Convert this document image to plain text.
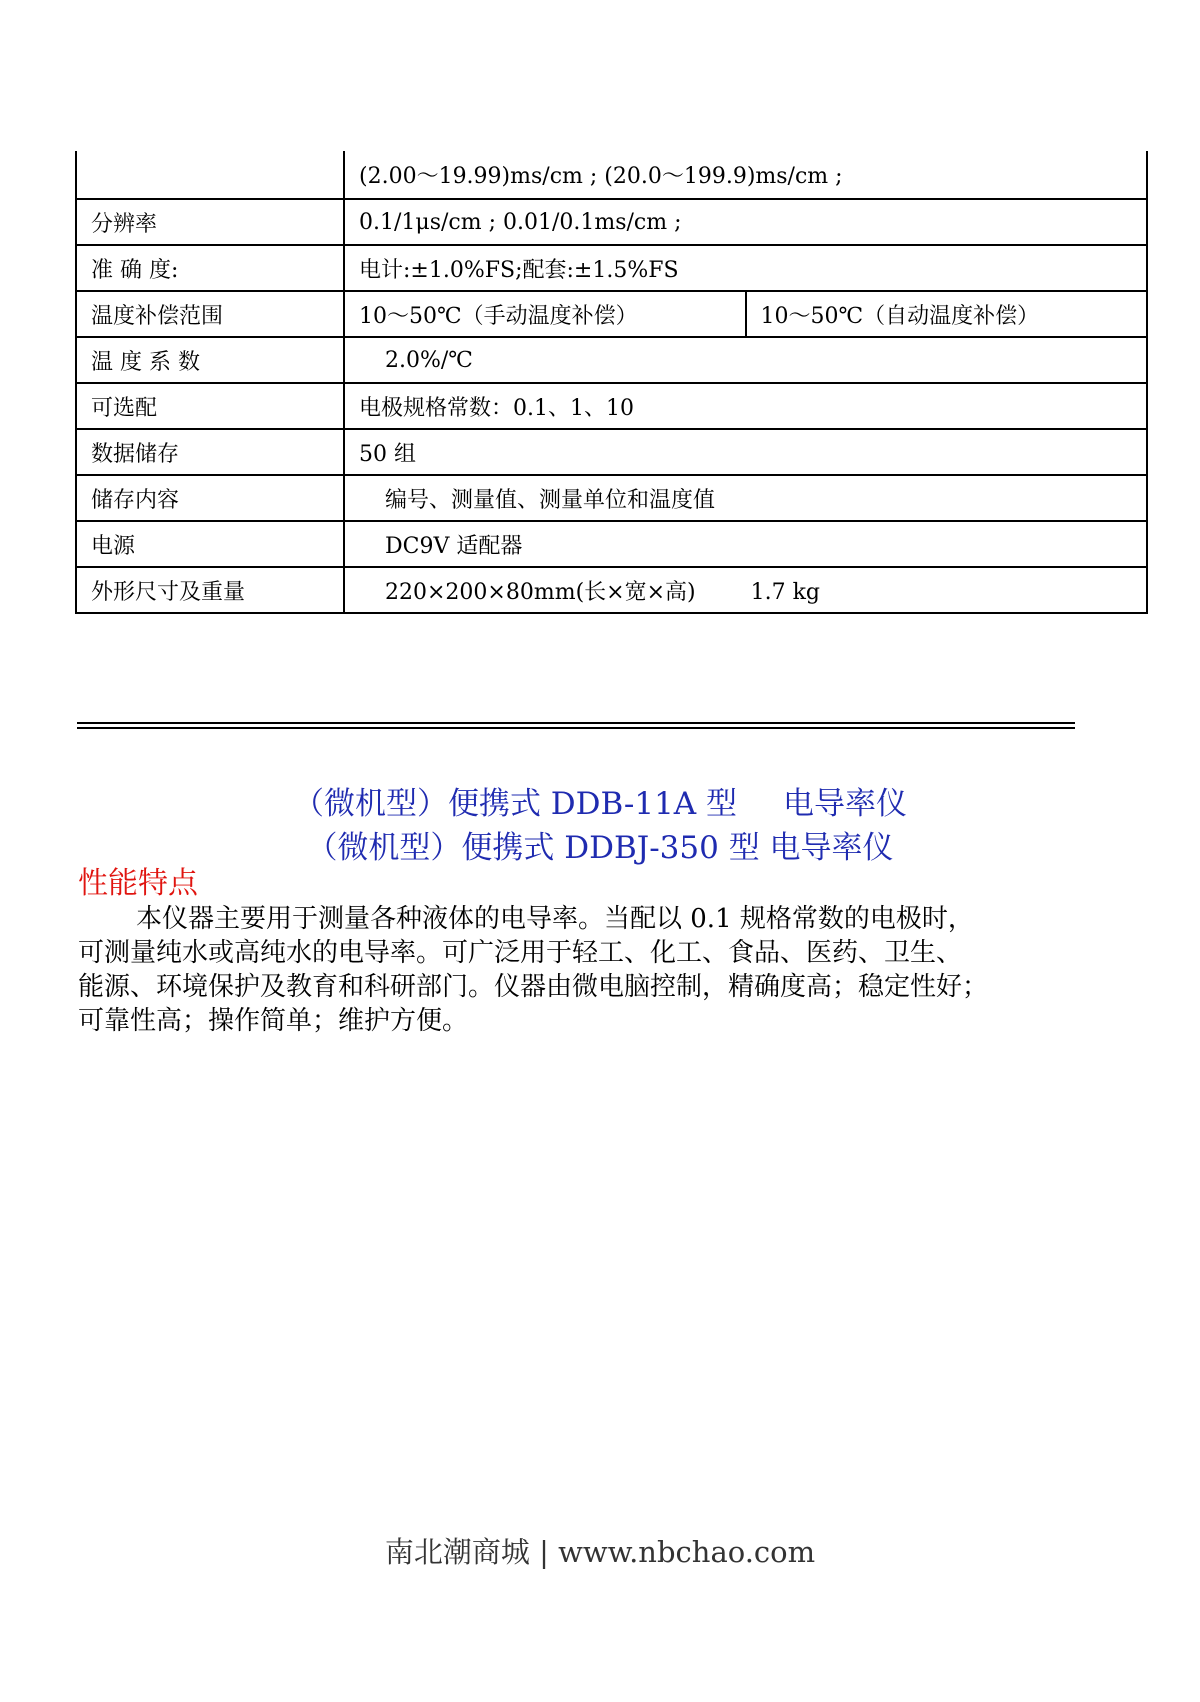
	(2.00～19.99)ms/cm ; (20.0～199.9)ms/cm ;	
分辨率	0.1/1μs/cm ; 0.01/0.1ms/cm ;	
准 确 度:	电计:±1.0%FS;配套:±1.5%FS	
温度补偿范围	10～50℃（手动温度补偿）	10～50℃（自动温度补偿）
温 度 系 数	2.0%/℃	
可选配	电极规格常数：0.1、1、10	
数据储存	50 组	
储存内容	编号、测量值、测量单位和温度值	
电源	DC9V 适配器	
外形尺寸及重量	220×200×80mm(长×宽×高) 1.7 kg	
（微机型）便携式 DDB-11A 型 电导率仪
（微机型）便携式 DDBJ-350 型 电导率仪
性能特点
本仪器主要用于测量各种液体的电导率。当配以 0.1 规格常数的电极时，
可测量纯水或高纯水的电导率。可广泛用于轻工、化工、食品、医药、卫生、
能源、环境保护及教育和科研部门。仪器由微电脑控制，精确度高；稳定性好；
可靠性高；操作简单；维护方便。
南北潮商城 | www.nbchao.com
